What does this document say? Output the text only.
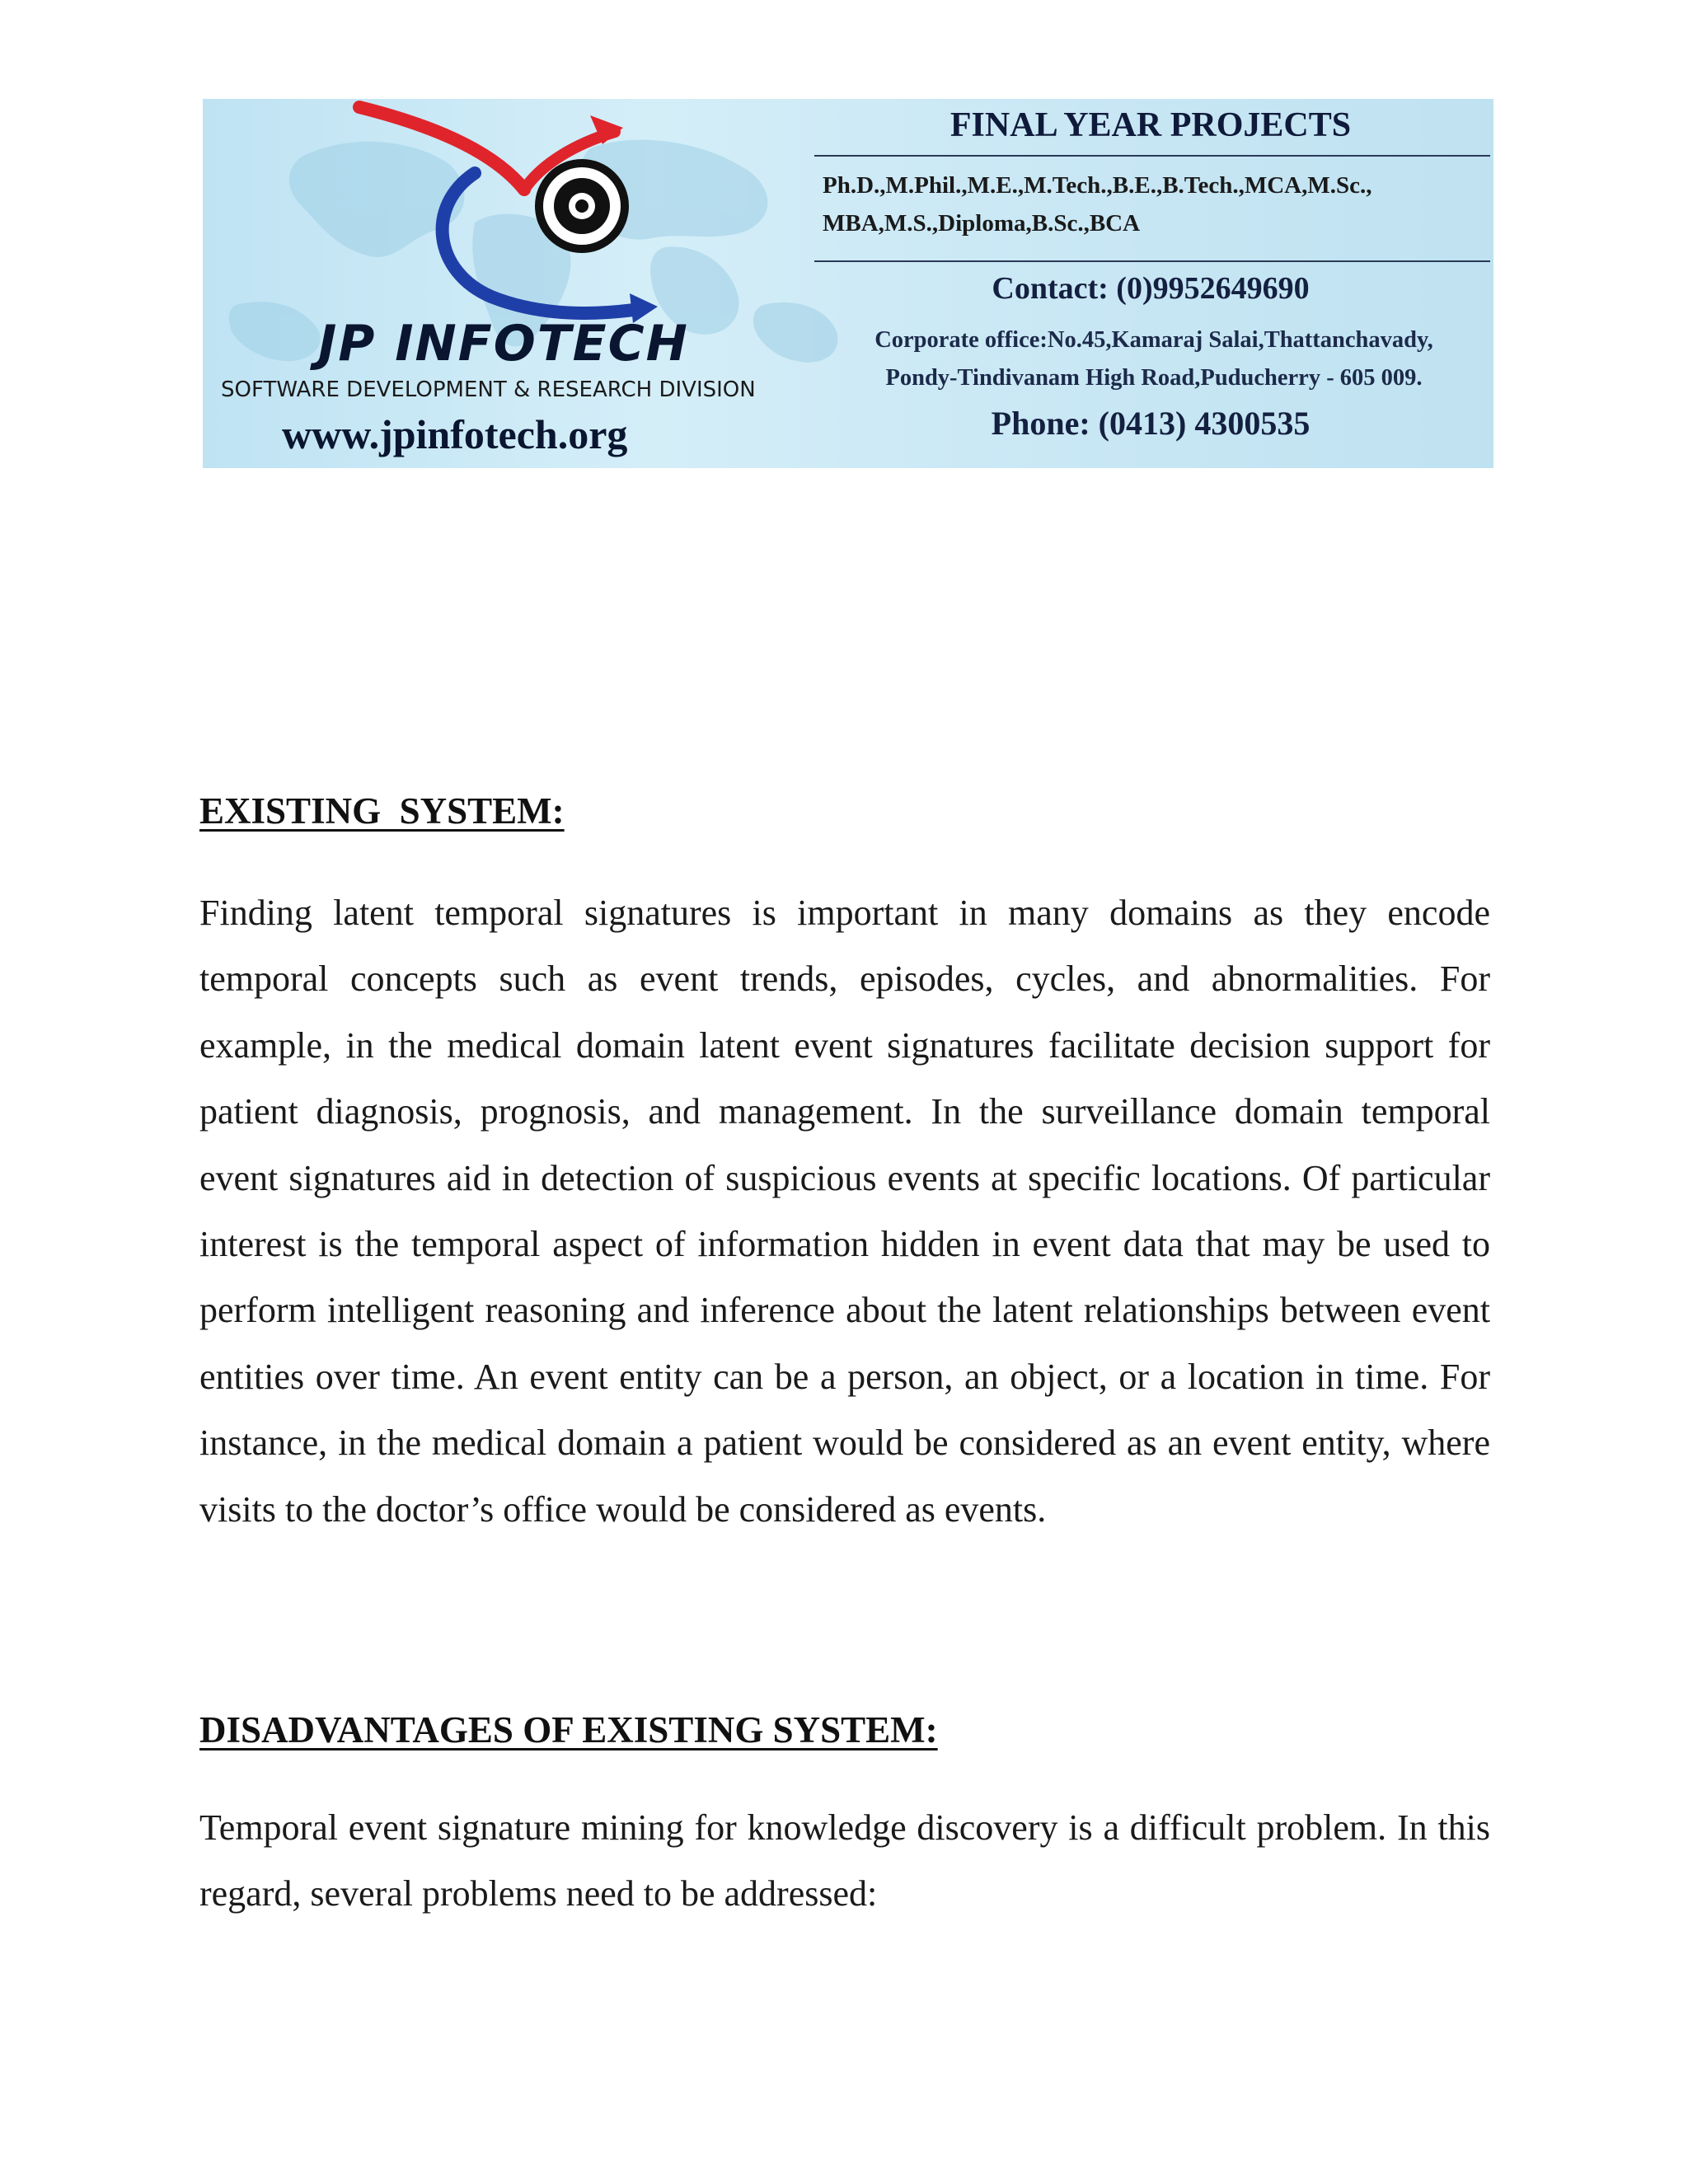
JP INFOTECH
SOFTWARE DEVELOPMENT & RESEARCH DIVISION
www.jpinfotech.org
FINAL YEAR PROJECTS
Ph.D.,M.Phil.,M.E.,M.Tech.,B.E.,B.Tech.,MCA,M.Sc.,
MBA,M.S.,Diploma,B.Sc.,BCA
Contact: (0)9952649690
Corporate office:No.45,Kamaraj Salai,Thattanchavady,
Pondy-Tindivanam High Road,Puducherry - 605 009.
Phone: (0413) 4300535
EXISTING  SYSTEM:
Finding latent temporal signatures is important in many domains as they encode temporal concepts such as event trends, episodes, cycles, and abnormalities. For example, in the medical domain latent event signatures facilitate decision support for patient diagnosis, prognosis, and management. In the surveillance domain temporal event signatures aid in detection of suspicious events at specific locations. Of particular interest is the temporal aspect of information hidden in event data that may be used to perform intelligent reasoning and inference about the latent relationships between event entities over time. An event entity can be a person, an object, or a location in time. For instance, in the medical domain a patient would be considered as an event entity, where visits to the doctor’s office would be considered as events.
DISADVANTAGES OF EXISTING SYSTEM:
Temporal event signature mining for knowledge discovery is a difficult problem. In this regard, several problems need to be addressed:
